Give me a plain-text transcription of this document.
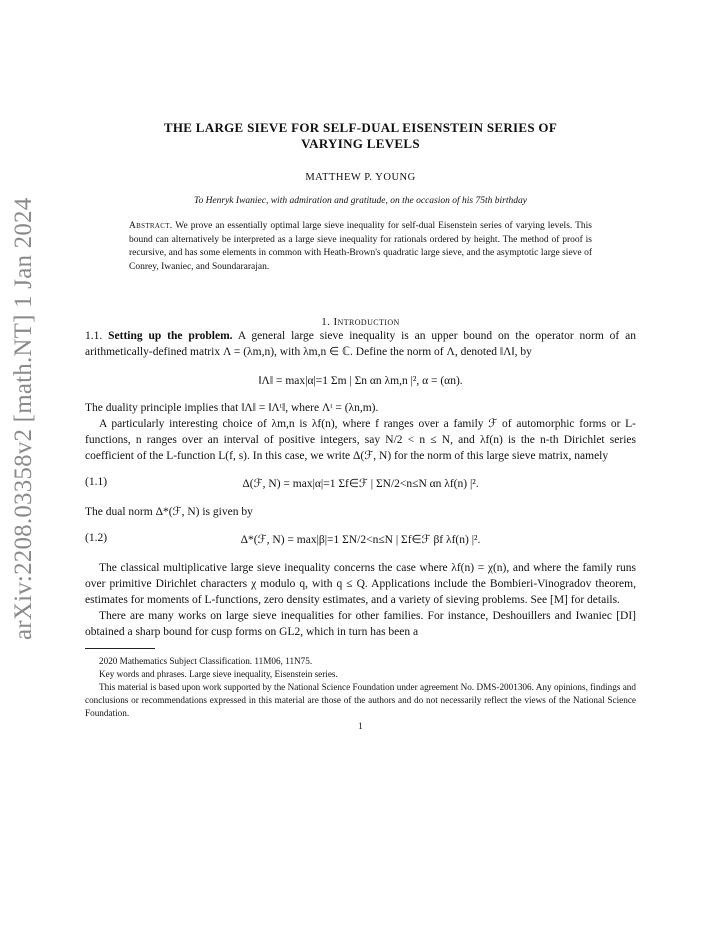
arXiv:2208.03358v2 [math.NT] 1 Jan 2024
THE LARGE SIEVE FOR SELF-DUAL EISENSTEIN SERIES OF
VARYING LEVELS
MATTHEW P. YOUNG
To Henryk Iwaniec, with admiration and gratitude, on the occasion of his 75th birthday
Abstract. We prove an essentially optimal large sieve inequality for self-dual Eisenstein series of varying levels. This bound can alternatively be interpreted as a large sieve inequality for rationals ordered by height. The method of proof is recursive, and has some elements in common with Heath-Brown's quadratic large sieve, and the asymptotic large sieve of Conrey, Iwaniec, and Soundararajan.
1. Introduction

1.1. Setting up the problem. A general large sieve inequality is an upper bound on the operator norm of an arithmetically-defined matrix Λ = (λm,n), with λm,n ∈ ℂ. Define the norm of Λ, denoted ‖Λ‖, by

‖Λ‖ = max|α|=1 Σm | Σn αn λm,n |², α = (αn).

The duality principle implies that ‖Λ‖ = ‖Λᵗ‖, where Λᵗ = (λn,m).

A particularly interesting choice of λm,n is λf(n), where f ranges over a family ℱ of automorphic forms or L-functions, n ranges over an interval of positive integers, say N/2 < n ≤ N, and λf(n) is the n-th Dirichlet series coefficient of the L-function L(f, s). In this case, we write Δ(ℱ, N) for the norm of this large sieve matrix, namely

(1.1)	Δ(ℱ, N) = max|α|=1 Σf∈ℱ | ΣN/2<n≤N αn λf(n) |².

The dual norm Δ*(ℱ, N) is given by

(1.2)	Δ*(ℱ, N) = max|β|=1 ΣN/2<n≤N | Σf∈ℱ βf λf(n) |².

The classical multiplicative large sieve inequality concerns the case where λf(n) = χ(n), and where the family runs over primitive Dirichlet characters χ modulo q, with q ≤ Q. Applications include the Bombieri-Vinogradov theorem, estimates for moments of L-functions, zero density estimates, and a variety of sieving problems. See [M] for details.

There are many works on large sieve inequalities for other families. For instance, Deshouillers and Iwaniec [DI] obtained a sharp bound for cusp forms on GL2, which in turn has been a

2020 Mathematics Subject Classification. 11M06, 11N75.
Key words and phrases. Large sieve inequality, Eisenstein series.
This material is based upon work supported by the National Science Foundation under agreement No. DMS-2001306. Any opinions, findings and conclusions or recommendations expressed in this material are those of the authors and do not necessarily reflect the views of the National Science Foundation.
1
